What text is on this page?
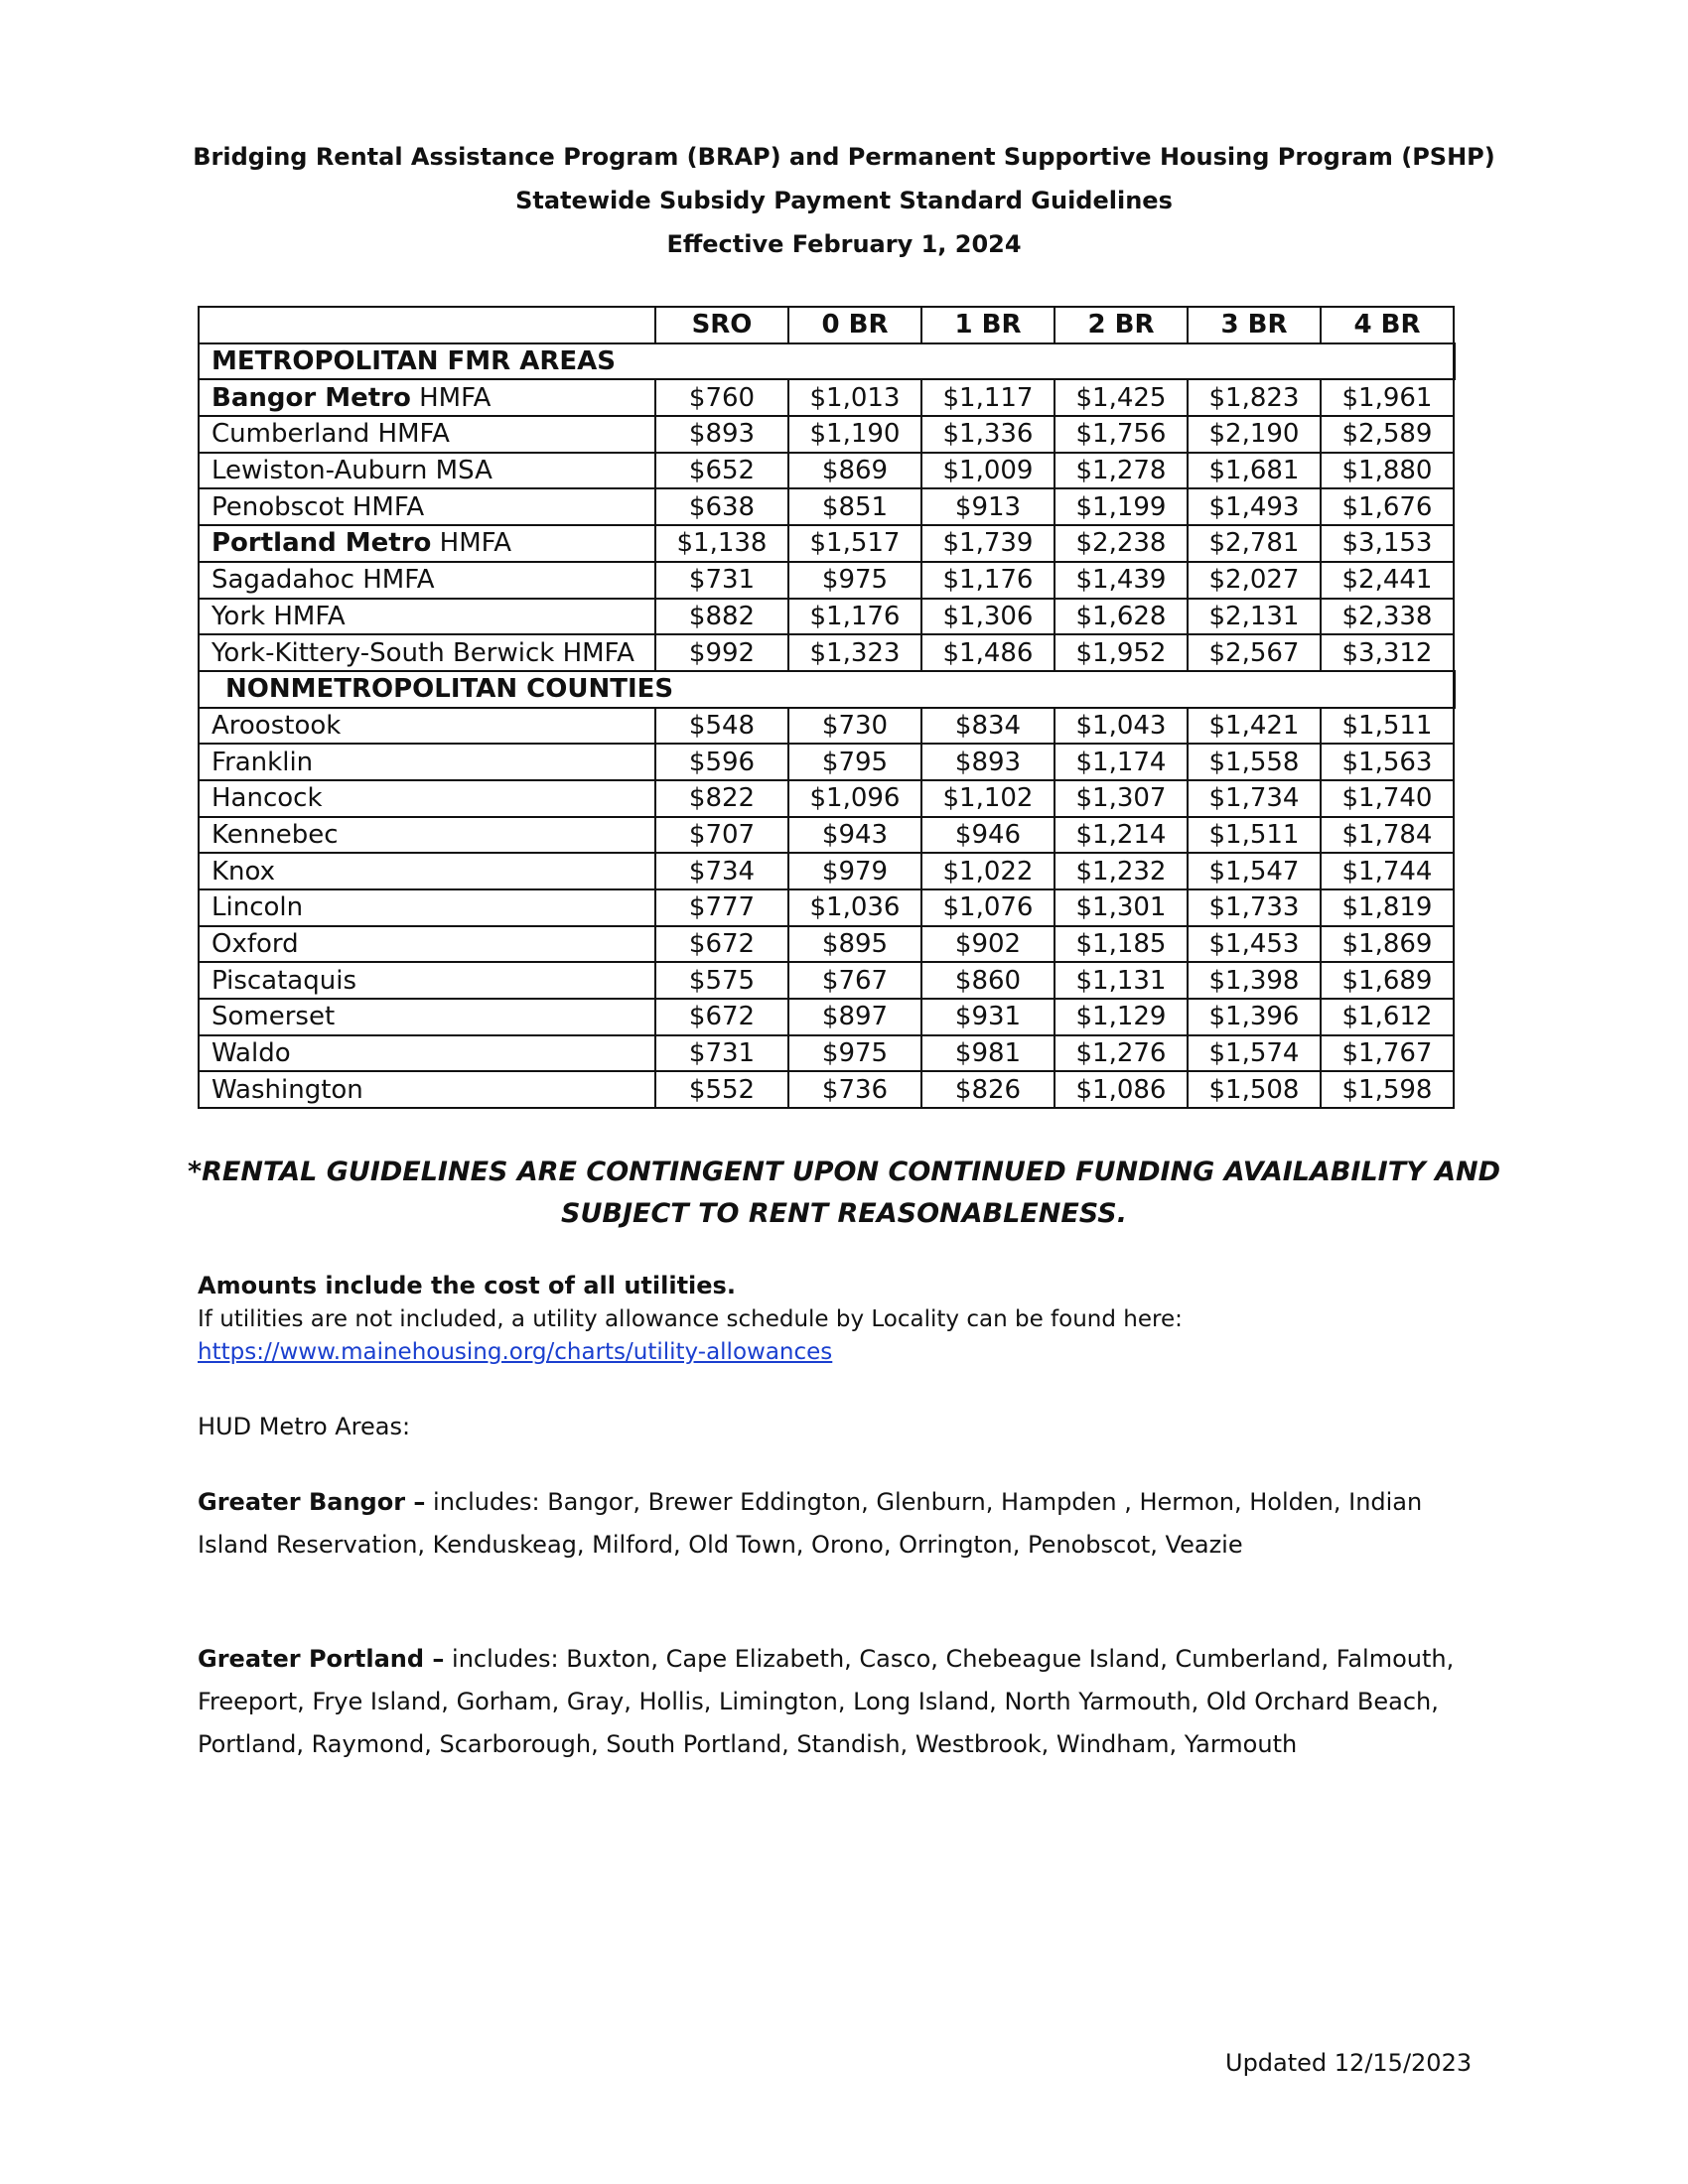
Bridging Rental Assistance Program (BRAP) and Permanent Supportive Housing Program (PSHP)
Statewide Subsidy Payment Standard Guidelines
Effective February 1, 2024
	SRO	0 BR	1 BR	2 BR	3 BR	4 BR
METROPOLITAN FMR AREAS						
Bangor Metro HMFA	$760	$1,013	$1,117	$1,425	$1,823	$1,961
Cumberland HMFA	$893	$1,190	$1,336	$1,756	$2,190	$2,589
Lewiston-Auburn MSA	$652	$869	$1,009	$1,278	$1,681	$1,880
Penobscot HMFA	$638	$851	$913	$1,199	$1,493	$1,676
Portland Metro HMFA	$1,138	$1,517	$1,739	$2,238	$2,781	$3,153
Sagadahoc HMFA	$731	$975	$1,176	$1,439	$2,027	$2,441
York HMFA	$882	$1,176	$1,306	$1,628	$2,131	$2,338
York-Kittery-South Berwick HMFA	$992	$1,323	$1,486	$1,952	$2,567	$3,312
NONMETROPOLITAN COUNTIES						
Aroostook	$548	$730	$834	$1,043	$1,421	$1,511
Franklin	$596	$795	$893	$1,174	$1,558	$1,563
Hancock	$822	$1,096	$1,102	$1,307	$1,734	$1,740
Kennebec	$707	$943	$946	$1,214	$1,511	$1,784
Knox	$734	$979	$1,022	$1,232	$1,547	$1,744
Lincoln	$777	$1,036	$1,076	$1,301	$1,733	$1,819
Oxford	$672	$895	$902	$1,185	$1,453	$1,869
Piscataquis	$575	$767	$860	$1,131	$1,398	$1,689
Somerset	$672	$897	$931	$1,129	$1,396	$1,612
Waldo	$731	$975	$981	$1,276	$1,574	$1,767
Washington	$552	$736	$826	$1,086	$1,508	$1,598
*RENTAL GUIDELINES ARE CONTINGENT UPON CONTINUED FUNDING AVAILABILITY AND
SUBJECT TO RENT REASONABLENESS.
Amounts include the cost of all utilities.
If utilities are not included, a utility allowance schedule by Locality can be found here:
https://www.mainehousing.org/charts/utility-allowances
HUD Metro Areas:
Greater Bangor – includes: Bangor, Brewer Eddington, Glenburn, Hampden , Hermon, Holden, Indian
Island Reservation, Kenduskeag, Milford, Old Town, Orono, Orrington, Penobscot, Veazie
Greater Portland – includes: Buxton, Cape Elizabeth, Casco, Chebeague Island, Cumberland, Falmouth,
Freeport, Frye Island, Gorham, Gray, Hollis, Limington, Long Island, North Yarmouth, Old Orchard Beach,
Portland, Raymond, Scarborough, South Portland, Standish, Westbrook, Windham, Yarmouth
Updated 12/15/2023
